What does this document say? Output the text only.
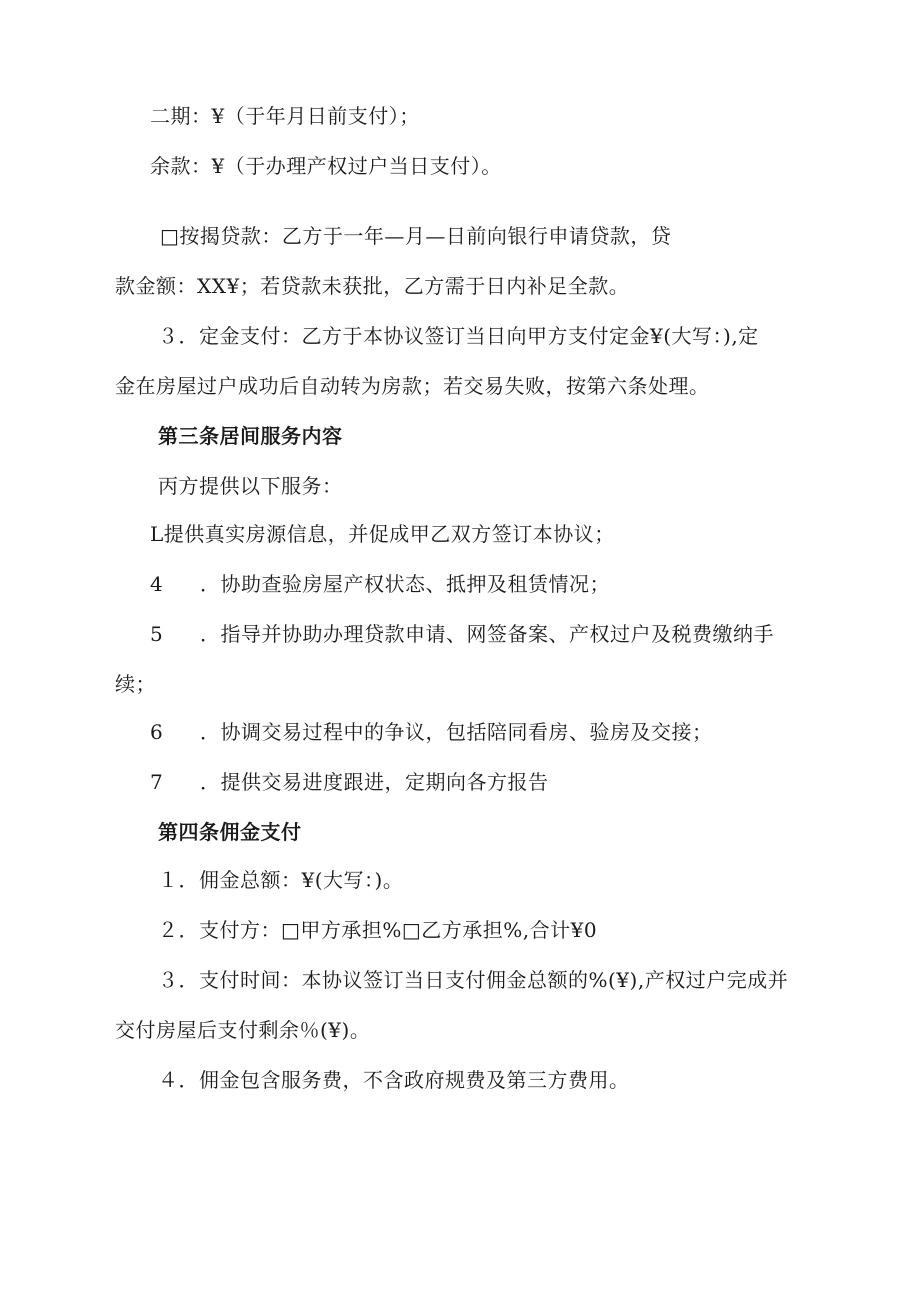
二期：¥（于年月日前支付）；
余款：¥（于办理产权过户当日支付）。
□按揭贷款：乙方于一年—月—日前向银行申请贷款，贷
款金额：XX¥；若贷款未获批，乙方需于日内补足全款。
３．定金支付：乙方于本协议签订当日向甲方支付定金¥(大写：),定
金在房屋过户成功后自动转为房款；若交易失败，按第六条处理。
第三条居间服务内容
丙方提供以下服务：
L提供真实房源信息，并促成甲乙双方签订本协议；
4 ．协助查验房屋产权状态、抵押及租赁情况；
5 ．指导并协助办理贷款申请、网签备案、产权过户及税费缴纳手
续；
6 ．协调交易过程中的争议，包括陪同看房、验房及交接；
7 ．提供交易进度跟进，定期向各方报告
第四条佣金支付
１．佣金总额：¥(大写：)。
２．支付方：□甲方承担%□乙方承担%,合计¥0
３．支付时间：本协议签订当日支付佣金总额的%(¥),产权过户完成并
交付房屋后支付剩余％(¥)。
４．佣金包含服务费，不含政府规费及第三方费用。
